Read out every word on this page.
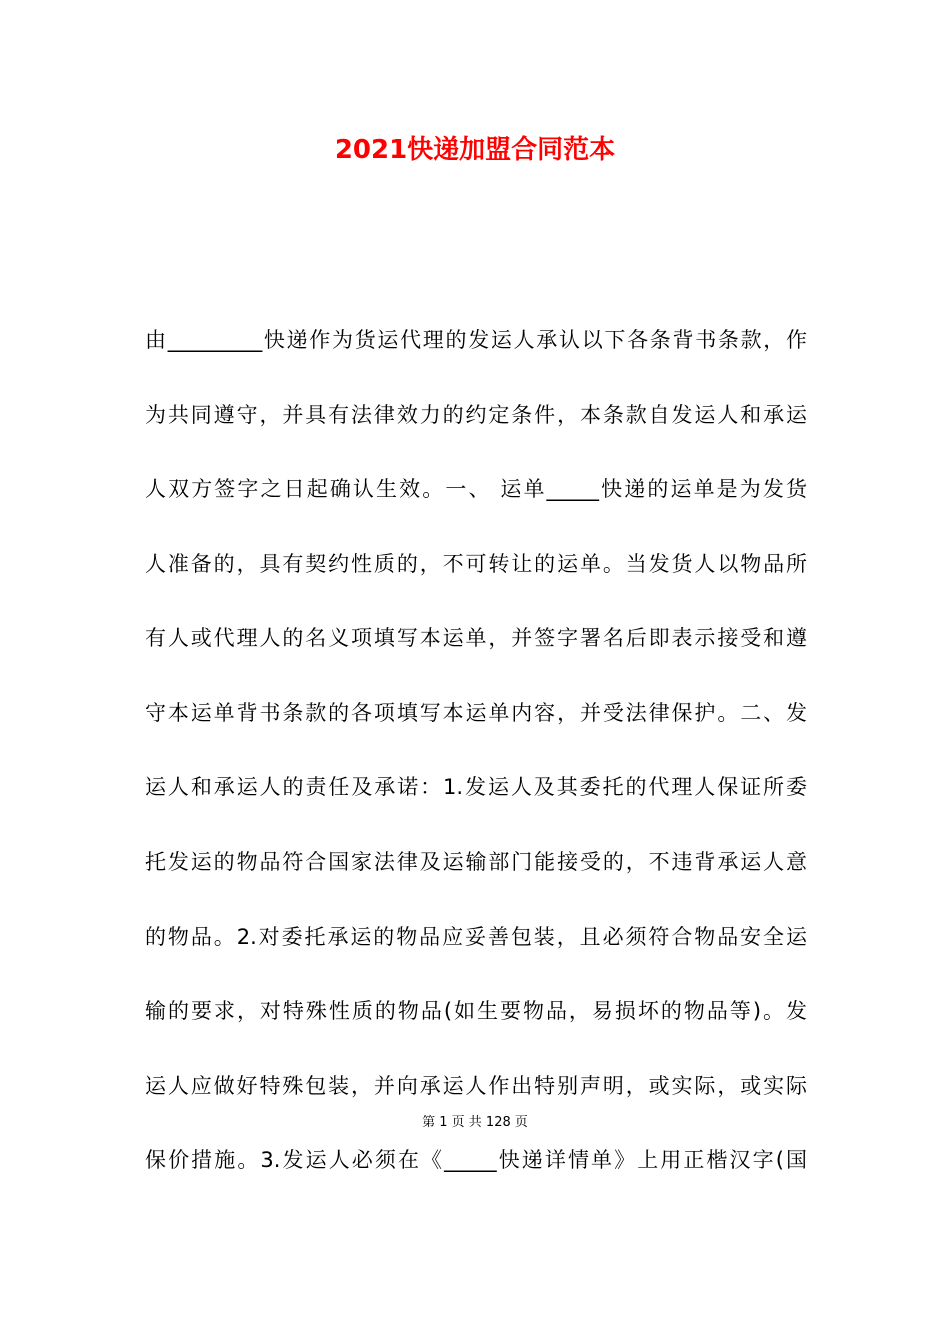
2021快递加盟合同范本
由_________快递作为货运代理的发运人承认以下各条背书条款，作
为共同遵守，并具有法律效力的约定条件，本条款自发运人和承运
人双方签字之日起确认生效。一、 运单_____快递的运单是为发货
人准备的，具有契约性质的，不可转让的运单。当发货人以物品所
有人或代理人的名义项填写本运单，并签字署名后即表示接受和遵
守本运单背书条款的各项填写本运单内容，并受法律保护。二、发
运人和承运人的责任及承诺：1.发运人及其委托的代理人保证所委
托发运的物品符合国家法律及运输部门能接受的，不违背承运人意
的物品。2.对委托承运的物品应妥善包装，且必须符合物品安全运
输的要求，对特殊性质的物品(如生要物品，易损坏的物品等)。发
运人应做好特殊包装，并向承运人作出特别声明，或实际，或实际
第 1 页 共 128 页
保价措施。3.发运人必须在《_____快递详情单》上用正楷汉字(国
